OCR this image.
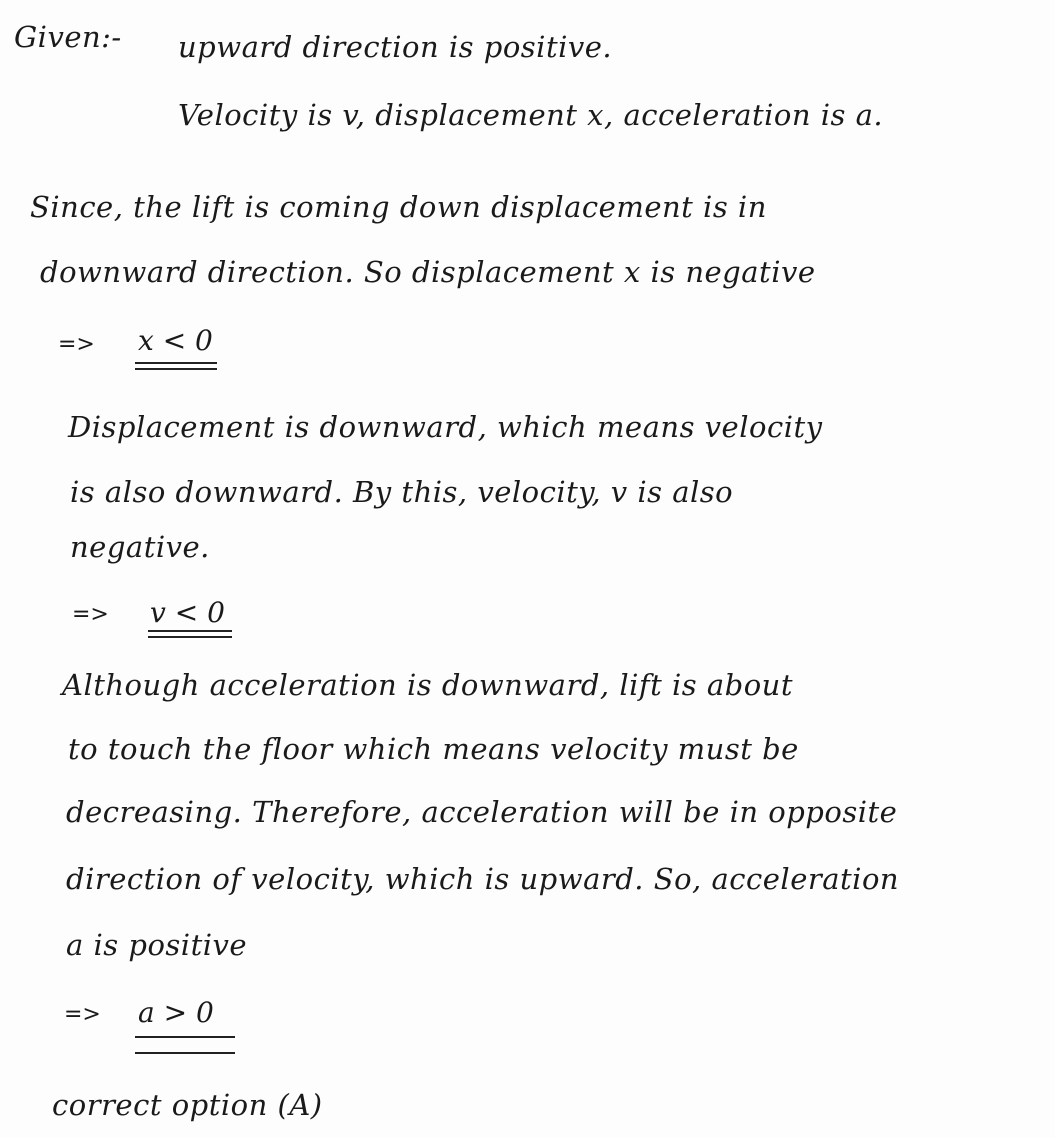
Given:- upward direction is positive.
Velocity is v, displacement x, acceleration is a.
Since, the lift is coming down displacement is in
downward direction. So displacement x is negative
=> x < 0
Displacement is downward, which means velocity
is also downward. By this, velocity, v is also
negative.
=> v < 0
Although acceleration is downward, lift is about
to touch the floor which means velocity must be
decreasing. Therefore, acceleration will be in opposite
direction of velocity, which is upward. So, acceleration
a is positive
=> a > 0
correct option (A)
